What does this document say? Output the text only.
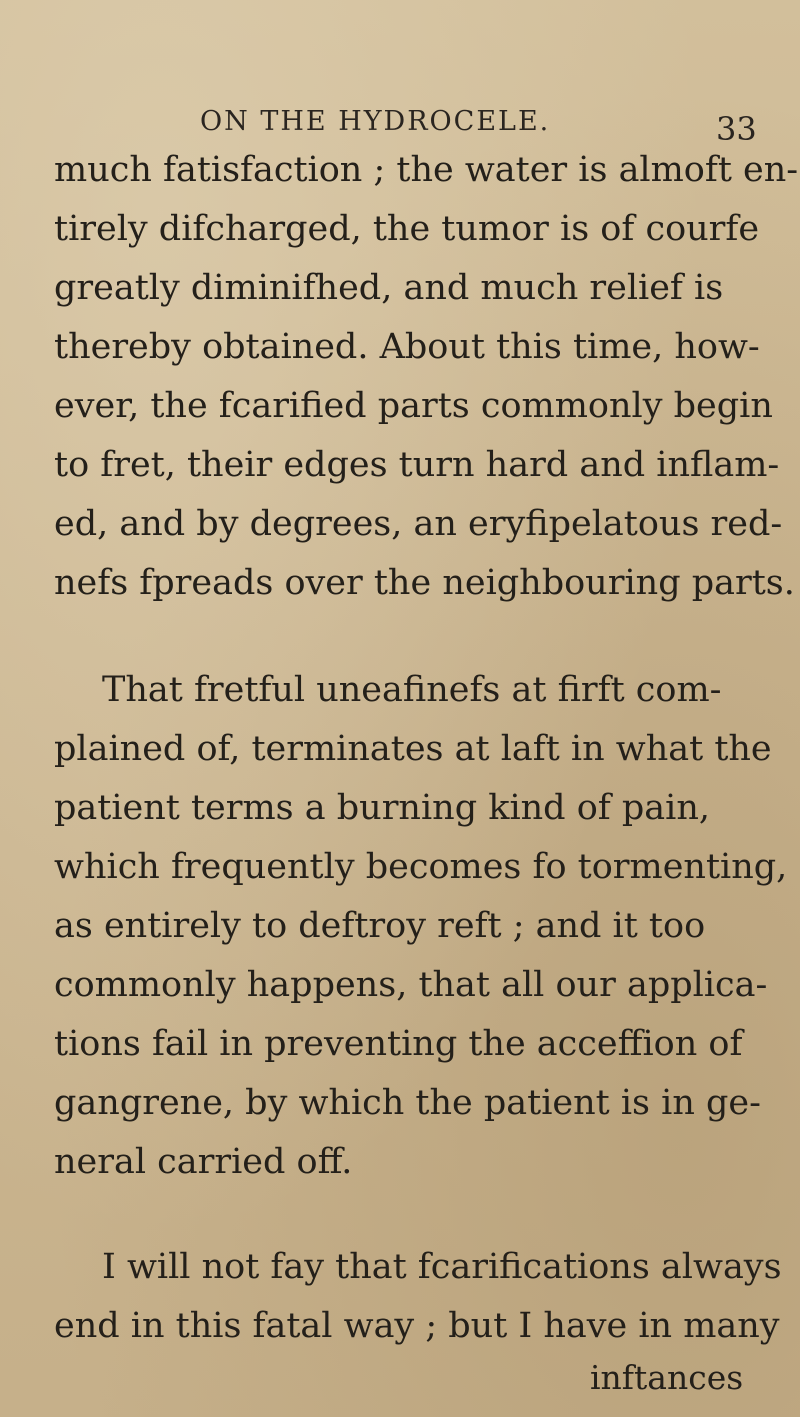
ON THE HYDROCELE.	33
much fatisfaction ; the water is almoft en-
tirely difcharged, the tumor is of courfe
greatly diminifhed, and much relief is
thereby obtained. About this time, how-
ever, the fcarified parts commonly begin
to fret, their edges turn hard and inflam-
ed, and by degrees, an eryfipelatous red-
nefs fpreads over the neighbouring parts.
That fretful uneafinefs at firft com-
plained of, terminates at laft in what the
patient terms a burning kind of pain,
which frequently becomes fo tormenting,
as entirely to deftroy reft ; and it too
commonly happens, that all our applica-
tions fail in preventing the acceffion of
gangrene, by which the patient is in ge-
neral carried off.
I will not fay that fcarifications always
end in this fatal way ; but I have in many
inftances
